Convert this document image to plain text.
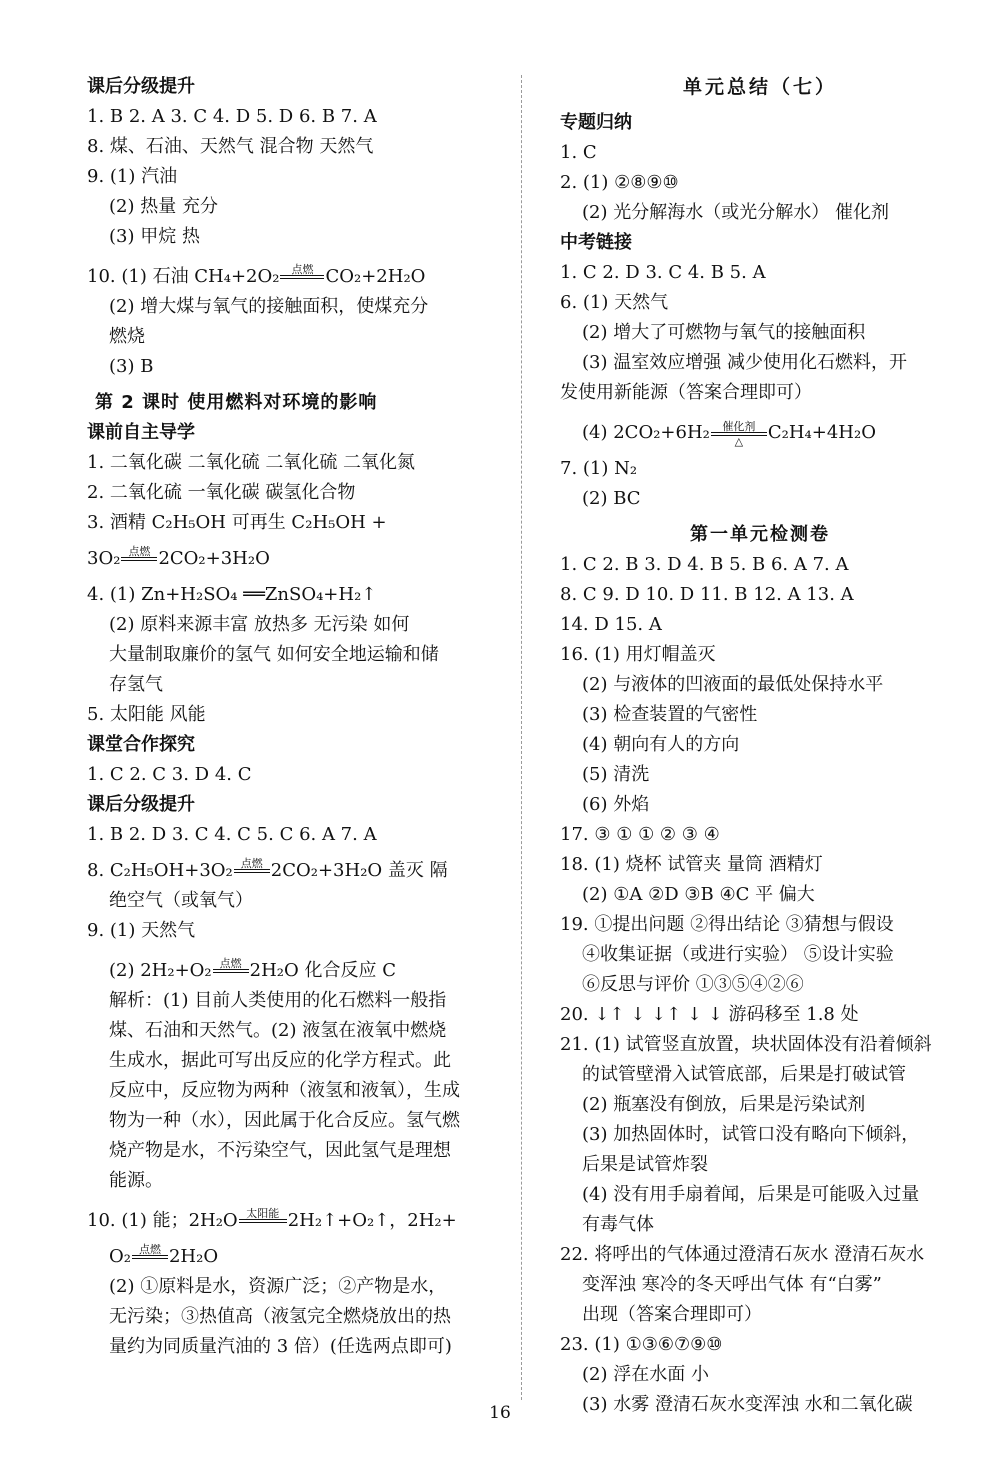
课后分级提升
1. B 2. A 3. C 4. D 5. D 6. B 7. A
8. 煤、石油、天然气 混合物 天然气
9. (1) 汽油
(2) 热量 充分
(3) 甲烷 热
10. (1) 石油 CH₄+2O₂	点燃 CO₂+2H₂O
(2) 增大煤与氧气的接触面积，使煤充分
燃烧
(3) B
第 2 课时 使用燃料对环境的影响
课前自主导学
1. 二氧化碳 二氧化硫 二氧化硫 二氧化氮
2. 二氧化硫 一氧化碳 碳氢化合物
3. 酒精 C₂H₅OH 可再生 C₂H₅OH +
3O₂ 点燃 2CO₂+3H₂O
4. (1) Zn+H₂SO₄ ══ZnSO₄+H₂↑
(2) 原料来源丰富 放热多 无污染 如何
大量制取廉价的氢气 如何安全地运输和储
存氢气
5. 太阳能 风能
课堂合作探究
1. C 2. C 3. D 4. C
课后分级提升
1. B 2. D 3. C 4. C 5. C 6. A 7. A
8. C₂H₅OH+3O₂ 点燃 2CO₂+3H₂O 盖灭 隔
绝空气（或氧气）
9. (1) 天然气
(2) 2H₂+O₂ 点燃 2H₂O 化合反应 C
解析：(1) 目前人类使用的化石燃料一般指
煤、石油和天然气。(2) 液氢在液氧中燃烧
生成水，据此可写出反应的化学方程式。此
反应中，反应物为两种（液氢和液氧），生成
物为一种（水），因此属于化合反应。氢气燃
烧产物是水，不污染空气，因此氢气是理想
能源。
10. (1) 能；2H₂O 太阳能 2H₂↑+O₂↑，2H₂+
O₂ 点燃 2H₂O
(2) ①原料是水，资源广泛；②产物是水，
无污染；③热值高（液氢完全燃烧放出的热
量约为同质量汽油的 3 倍）(任选两点即可)
单元总结（七）
专题归纳
1. C
2. (1) ②⑧⑨⑩
(2) 光分解海水（或光分解水） 催化剂
中考链接
1. C 2. D 3. C 4. B 5. A
6. (1) 天然气
(2) 增大了可燃物与氧气的接触面积
(3) 温室效应增强 减少使用化石燃料，开
发使用新能源（答案合理即可）
(4) 2CO₂+6H₂	催化剂
△	C₂H₄+4H₂O
7. (1) N₂
(2) BC
第一单元检测卷
1. C 2. B 3. D 4. B 5. B 6. A 7. A
8. C 9. D 10. D 11. B 12. A 13. A
14. D 15. A
16. (1) 用灯帽盖灭
(2) 与液体的凹液面的最低处保持水平
(3) 检查装置的气密性
(4) 朝向有人的方向
(5) 清洗
(6) 外焰
17. ③ ① ① ② ③ ④
18. (1) 烧杯 试管夹 量筒 酒精灯
(2) ①A ②D ③B ④C 平 偏大
19. ①提出问题 ②得出结论 ③猜想与假设
④收集证据（或进行实验） ⑤设计实验
⑥反思与评价 ①③⑤④②⑥
20. ↓↑ ↓ ↓↑ ↓ ↓ 游码移至 1.8 处
21. (1) 试管竖直放置，块状固体没有沿着倾斜
的试管壁滑入试管底部，后果是打破试管
(2) 瓶塞没有倒放，后果是污染试剂
(3) 加热固体时，试管口没有略向下倾斜，
后果是试管炸裂
(4) 没有用手扇着闻，后果是可能吸入过量
有毒气体
22. 将呼出的气体通过澄清石灰水 澄清石灰水
变浑浊 寒冷的冬天呼出气体 有“白雾”
出现（答案合理即可）
23. (1) ①③⑥⑦⑨⑩
(2) 浮在水面 小
(3) 水雾 澄清石灰水变浑浊 水和二氧化碳
16
